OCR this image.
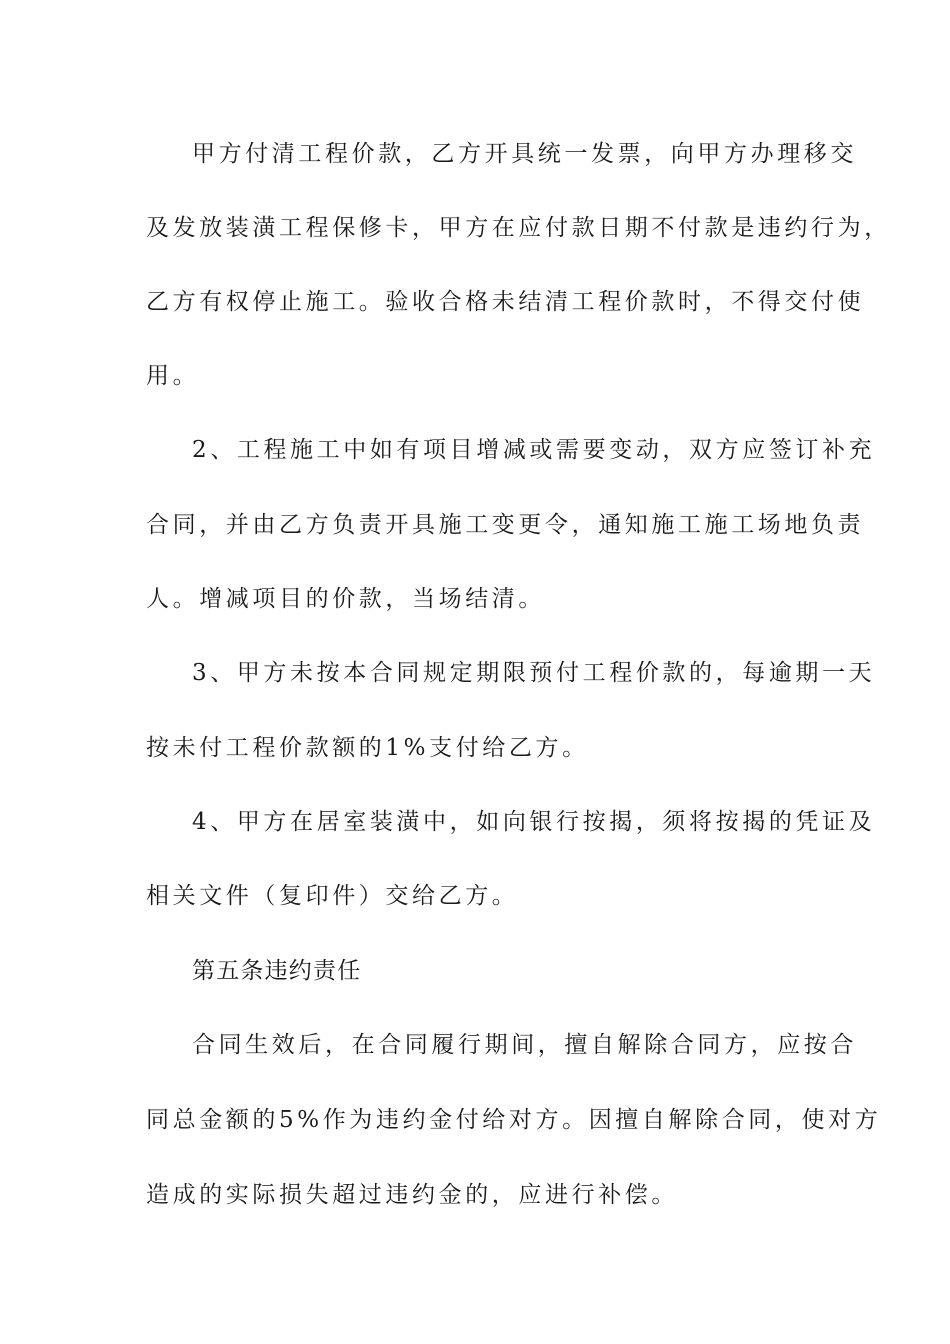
甲方付清工程价款，乙方开具统一发票，向甲方办理移交
及发放装潢工程保修卡，甲方在应付款日期不付款是违约行为，
乙方有权停止施工。验收合格未结清工程价款时，不得交付使
用。
2、工程施工中如有项目增减或需要变动，双方应签订补充
合同，并由乙方负责开具施工变更令，通知施工施工场地负责
人。增减项目的价款，当场结清。
3、甲方未按本合同规定期限预付工程价款的，每逾期一天
按未付工程价款额的1%支付给乙方。
4、甲方在居室装潢中，如向银行按揭，须将按揭的凭证及
相关文件（复印件）交给乙方。
第五条违约责任
合同生效后，在合同履行期间，擅自解除合同方，应按合
同总金额的5%作为违约金付给对方。因擅自解除合同，使对方
造成的实际损失超过违约金的，应进行补偿。
